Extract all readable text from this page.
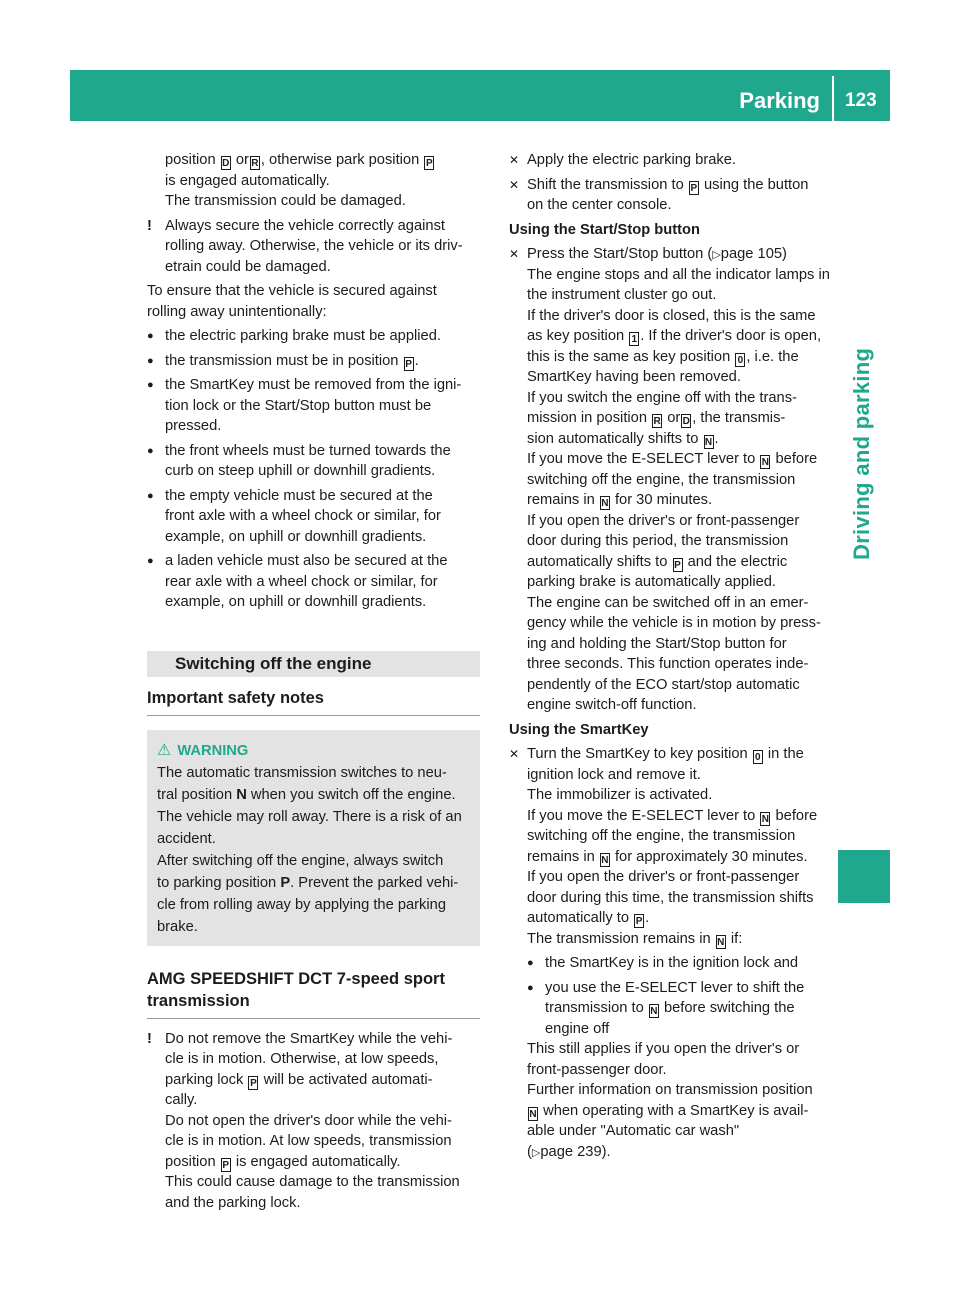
Parking 123
Driving and parking
position D or R , otherwise park position P
is engaged automatically.
The transmission could be damaged.
! Always secure the vehicle correctly against
rolling away. Otherwise, the vehicle or its driv-
etrain could be damaged.
To ensure that the vehicle is secured against
rolling away unintentionally:
● the electric parking brake must be applied.
● the transmission must be in position P .
● the SmartKey must be removed from the igni-
tion lock or the Start/Stop button must be
pressed.
● the front wheels must be turned towards the
curb on steep uphill or downhill gradients.
● the empty vehicle must be secured at the
front axle with a wheel chock or similar, for
example, on uphill or downhill gradients.
● a laden vehicle must also be secured at the
rear axle with a wheel chock or similar, for
example, on uphill or downhill gradients.
Switching off the engine
Important safety notes
⚠ WARNING
The automatic transmission switches to neu-
tral position N when you switch off the engine.
The vehicle may roll away. There is a risk of an
accident.
After switching off the engine, always switch
to parking position P. Prevent the parked vehi-
cle from rolling away by applying the parking
brake.
AMG SPEEDSHIFT DCT 7-speed sport
transmission
! Do not remove the SmartKey while the vehi-
cle is in motion. Otherwise, at low speeds,
parking lock P will be activated automati-
cally.
Do not open the driver's door while the vehi-
cle is in motion. At low speeds, transmission
position P is engaged automatically.
This could cause damage to the transmission
and the parking lock.
✕ Apply the electric parking brake.
✕ Shift the transmission to P using the button
on the center console.
Using the Start/Stop button
✕ Press the Start/Stop button (▷page 105)
The engine stops and all the indicator lamps in
the instrument cluster go out.
If the driver's door is closed, this is the same
as key position 1 . If the driver's door is open,
this is the same as key position 0 , i.e. the
SmartKey having been removed.
If you switch the engine off with the trans-
mission in position R or D , the transmis-
sion automatically shifts to N .
If you move the E-SELECT lever to N before
switching off the engine, the transmission
remains in N for 30 minutes.
If you open the driver's or front-passenger
door during this period, the transmission
automatically shifts to P and the electric
parking brake is automatically applied.
The engine can be switched off in an emer-
gency while the vehicle is in motion by press-
ing and holding the Start/Stop button for
three seconds. This function operates inde-
pendently of the ECO start/stop automatic
engine switch-off function.
Using the SmartKey
✕ Turn the SmartKey to key position 0 in the
ignition lock and remove it.
The immobilizer is activated.
If you move the E-SELECT lever to N before
switching off the engine, the transmission
remains in N for approximately 30 minutes.
If you open the driver's or front-passenger
door during this time, the transmission shifts
automatically to P .
The transmission remains in N if:
● the SmartKey is in the ignition lock and
● you use the E-SELECT lever to shift the
transmission to N before switching the
engine off
This still applies if you open the driver's or
front-passenger door.
Further information on transmission position
N when operating with a SmartKey is avail-
able under "Automatic car wash"
(▷page 239).
